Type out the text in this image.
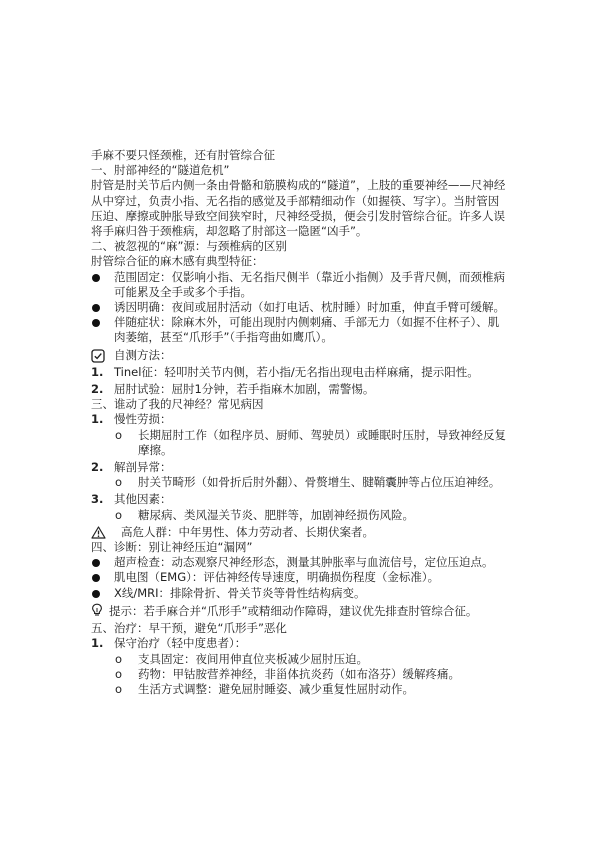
手麻不要只怪颈椎，还有肘管综合征

一、肘部神经的“隧道危机”

肘管是肘关节后内侧一条由骨骼和筋膜构成的“隧道”，上肢的重要神经——尺神经从中穿过，负责小指、无名指的感觉及手部精细动作（如握筷、写字）。当肘管因压迫、摩擦或肿胀导致空间狭窄时，尺神经受损，便会引发肘管综合征。许多人误将手麻归咎于颈椎病，却忽略了肘部这一隐匿“凶手”。

二、被忽视的“麻”源：与颈椎病的区别

肘管综合征的麻木感有典型特征：

范围固定：仅影响小指、无名指尺侧半（靠近小指侧）及手背尺侧，而颈椎病可能累及全手或多个手指。

诱因明确：夜间或屈肘活动（如打电话、枕肘睡）时加重，伸直手臂可缓解。

伴随症状：除麻木外，可能出现肘内侧刺痛、手部无力（如握不住杯子）、肌肉萎缩，甚至“爪形手”（手指弯曲如鹰爪）。

自测方法：

1. Tinel征：轻叩肘关节内侧，若小指/无名指出现电击样麻痛，提示阳性。

2. 屈肘试验：屈肘1分钟，若手指麻木加剧，需警惕。

三、谁动了我的尺神经？常见病因

1. 慢性劳损：

o 长期屈肘工作（如程序员、厨师、驾驶员）或睡眠时压肘，导致神经反复摩擦。

2. 解剖异常：

o 肘关节畸形（如骨折后肘外翻）、骨赘增生、腱鞘囊肿等占位压迫神经。

3. 其他因素：

o 糖尿病、类风湿关节炎、肥胖等，加剧神经损伤风险。

高危人群：中年男性、体力劳动者、长期伏案者。

四、诊断：别让神经压迫“漏网”

超声检查：动态观察尺神经形态，测量其肿胀率与血流信号，定位压迫点。

肌电图（EMG）：评估神经传导速度，明确损伤程度（金标准）。

X线/MRI：排除骨折、骨关节炎等骨性结构病变。

提示：若手麻合并“爪形手”或精细动作障碍，建议优先排查肘管综合征。

五、治疗：早干预，避免“爪形手”恶化

1. 保守治疗（轻中度患者）：

o 支具固定：夜间用伸直位夹板减少屈肘压迫。

o 药物：甲钴胺营养神经，非甾体抗炎药（如布洛芬）缓解疼痛。

o 生活方式调整：避免屈肘睡姿、减少重复性屈肘动作。
